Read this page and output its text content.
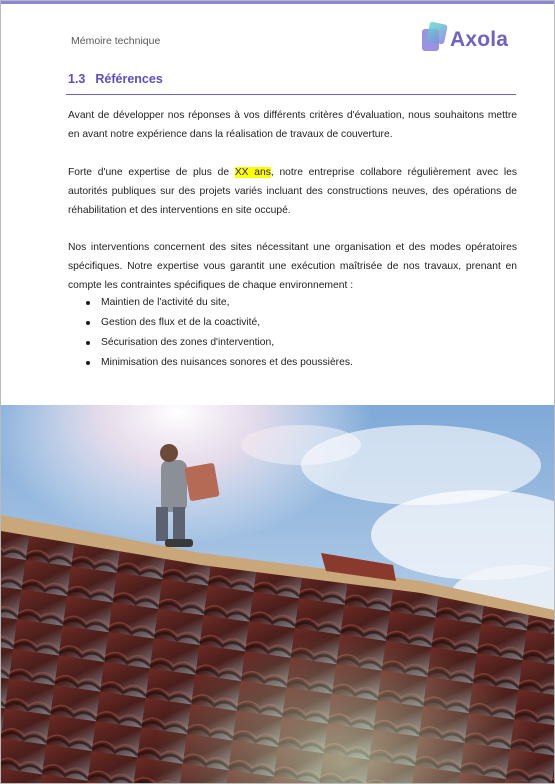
Mémoire technique	Axola
1.3 Références
Avant de développer nos réponses à vos différents critères d'évaluation, nous souhaitons mettre en avant notre expérience dans la réalisation de travaux de couverture.
Forte d'une expertise de plus de XX ans, notre entreprise collabore régulièrement avec les autorités publiques sur des projets variés incluant des constructions neuves, des opérations de réhabilitation et des interventions en site occupé.
Nos interventions concernent des sites nécessitant une organisation et des modes opératoires spécifiques. Notre expertise vous garantit une exécution maîtrisée de nos travaux, prenant en compte les contraintes spécifiques de chaque environnement :
Maintien de l'activité du site,
Gestion des flux et de la coactivité,
Sécurisation des zones d'intervention,
Minimisation des nuisances sonores et des poussières.
